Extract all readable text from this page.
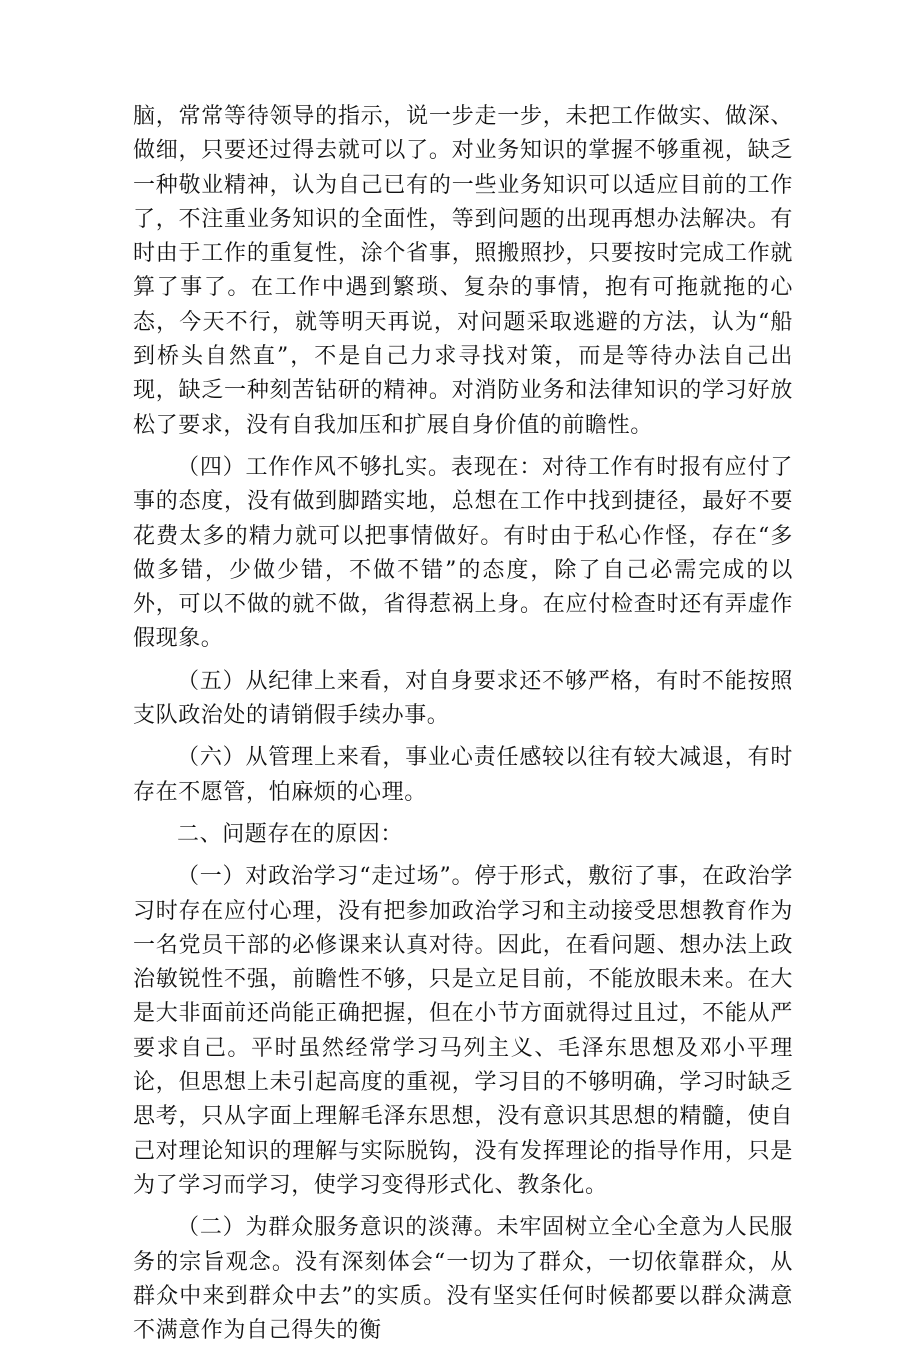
脑，常常等待领导的指示，说一步走一步，未把工作做实、做深、做细，只要还过得去就可以了。对业务知识的掌握不够重视，缺乏一种敬业精神，认为自己已有的一些业务知识可以适应目前的工作了，不注重业务知识的全面性，等到问题的出现再想办法解决。有时由于工作的重复性，涂个省事，照搬照抄，只要按时完成工作就算了事了。在工作中遇到繁琐、复杂的事情，抱有可拖就拖的心态，今天不行，就等明天再说，对问题采取逃避的方法，认为“船到桥头自然直”，不是自己力求寻找对策，而是等待办法自己出现，缺乏一种刻苦钻研的精神。对消防业务和法律知识的学习好放松了要求，没有自我加压和扩展自身价值的前瞻性。

（四）工作作风不够扎实。表现在：对待工作有时报有应付了事的态度，没有做到脚踏实地，总想在工作中找到捷径，最好不要花费太多的精力就可以把事情做好。有时由于私心作怪，存在“多做多错，少做少错，不做不错”的态度，除了自己必需完成的以外，可以不做的就不做，省得惹祸上身。在应付检查时还有弄虚作假现象。

（五）从纪律上来看，对自身要求还不够严格，有时不能按照支队政治处的请销假手续办事。

（六）从管理上来看，事业心责任感较以往有较大减退，有时存在不愿管，怕麻烦的心理。

二、问题存在的原因：

（一）对政治学习“走过场”。停于形式，敷衍了事，在政治学习时存在应付心理，没有把参加政治学习和主动接受思想教育作为一名党员干部的必修课来认真对待。因此，在看问题、想办法上政治敏锐性不强，前瞻性不够，只是立足目前，不能放眼未来。在大是大非面前还尚能正确把握，但在小节方面就得过且过，不能从严要求自己。平时虽然经常学习马列主义、毛泽东思想及邓小平理论，但思想上未引起高度的重视，学习目的不够明确，学习时缺乏思考，只从字面上理解毛泽东思想，没有意识其思想的精髓，使自己对理论知识的理解与实际脱钩，没有发挥理论的指导作用，只是为了学习而学习，使学习变得形式化、教条化。

（二）为群众服务意识的淡薄。未牢固树立全心全意为人民服务的宗旨观念。没有深刻体会“一切为了群众，一切依靠群众，从群众中来到群众中去”的实质。没有坚实任何时候都要以群众满意不满意作为自己得失的衡
